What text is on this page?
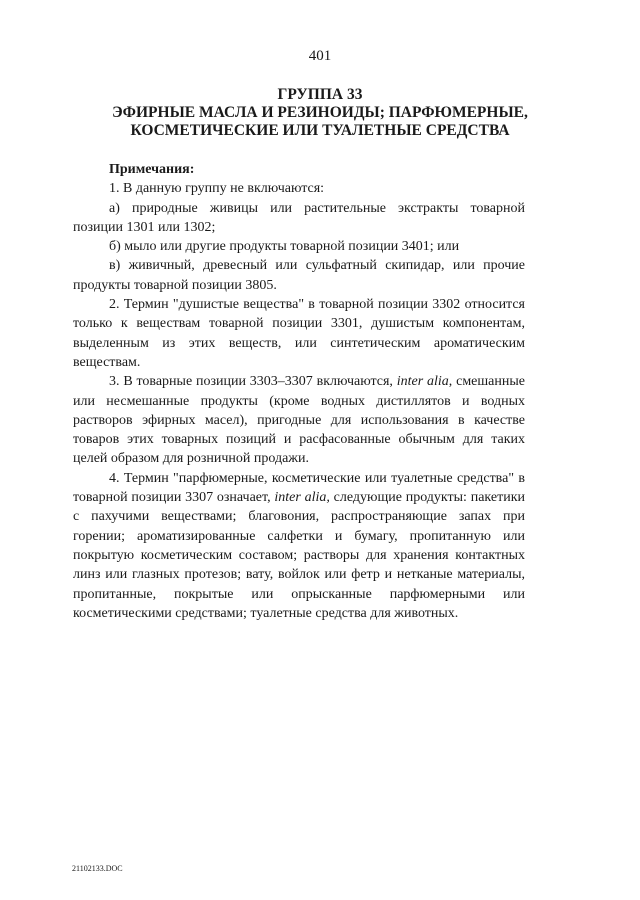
401
ГРУППА 33
ЭФИРНЫЕ МАСЛА И РЕЗИНОИДЫ; ПАРФЮМЕРНЫЕ,
КОСМЕТИЧЕСКИЕ ИЛИ ТУАЛЕТНЫЕ СРЕДСТВА
Примечания:

1. В данную группу не включаются:

а) природные живицы или растительные экстракты товарной позиции 1301 или 1302;

б) мыло или другие продукты товарной позиции 3401; или

в) живичный, древесный или сульфатный скипидар, или прочие продукты товарной позиции 3805.

2. Термин "душистые вещества" в товарной позиции 3302 относится только к веществам товарной позиции 3301, душистым компонентам, выделенным из этих веществ, или синтетическим ароматическим веществам.

3. В товарные позиции 3303–3307 включаются, inter alia, смешанные или несмешанные продукты (кроме водных дистиллятов и водных растворов эфирных масел), пригодные для использования в качестве товаров этих товарных позиций и расфасованные обычным для таких целей образом для розничной продажи.

4. Термин "парфюмерные, косметические или туалетные средства" в товарной позиции 3307 означает, inter alia, следующие продукты: пакетики с пахучими веществами; благовония, распространяющие запах при горении; ароматизированные салфетки и бумагу, пропитанную или покрытую косметическим составом; растворы для хранения контактных линз или глазных протезов; вату, войлок или фетр и нетканые материалы, пропитанные, покрытые или опрысканные парфюмерными или косметическими средствами; туалетные средства для животных.

21102133.DOC
